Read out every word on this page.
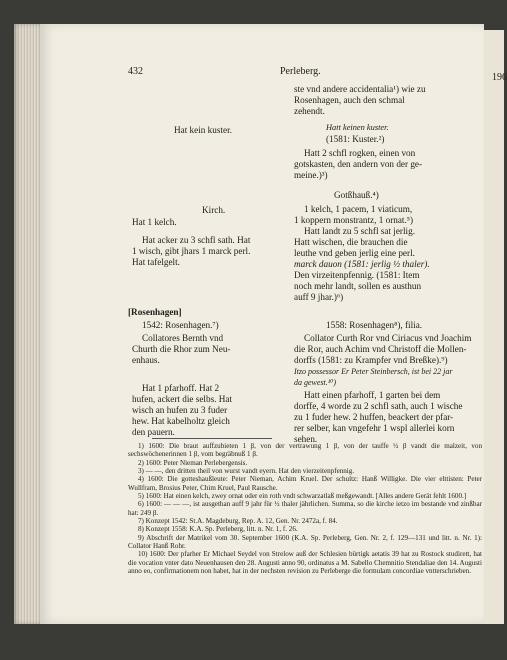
432	Perleberg.
Hat kein kuster.
Kirch.
Hat 1 kelch.
Hat acker zu 3 schfl sath. Hat
1 wisch, gibt jhars 1 marck perl.
Hat tafelgelt.
[Rosenhagen]
1542: Rosenhagen.⁷)
Collatores Bernth vnd
Churth die Rhor zum Neu-
enhaus.
Hat 1 pfarhoff. Hat 2
hufen, ackert die selbs. Hat
wisch an hufen zu 3 fuder
hew. Hat kabelholtz gleich
den pauern.
ste vnd andere accidentalia¹) wie zu
Rosenhagen, auch den schmal
zehendt.
Hatt keinen kuster.
(1581: Kuster.²)
Hatt 2 schfl rogken, einen von
gotskasten, den andern von der ge-
meine.)³)
Gotßhauß.⁴)
1 kelch, 1 pacem, 1 viaticum,
1 koppern monstrantz, 1 ornat.⁵)
Hatt landt zu 5 schfl sat jerlig.
Hatt wischen, die brauchen die
leuthe vnd geben jerlig eine perl.
marck dauon (1581: jerlig ½ thaler).
Den virzeitenpfennig. (1581: Item
noch mehr landt, sollen es austhun
auff 9 jhar.)⁶)
1558: Rosenhagen⁸), filia.
Collator Curth Ror vnd Ciriacus vnd Joachim
die Ror, auch Achim vnd Christoff die Mollen-
dorffs (1581: zu Krampfer vnd Breßke).⁹)
Itzo possessor Er Peter Steinbersch, ist bei 22 jar
da gewest.¹⁰)
Hatt einen pfarhoff, 1 garten bei dem
dorffe, 4 worde zu 2 schfl sath, auch 1 wische
zu 1 fuder hew. 2 huffen, beackert der pfar-
rer selber, kan vngefehr 1 wspl allerlei korn
sehen.

1) 1600: Die braut auffzubieten 1 β, von der vertrawung 1 β, von der tauffe ½ β vandt die malzeit, von sechswöchenerinnen 1 β, vom begräbnuß 1 β.

2) 1600: Peter Nieman Perlebergensis.

3) — —, den dritten theil von wurst vandt eyern. Hat den vierzeitenpfennig.

4) 1600: Die gotteshaußleute: Peter Nieman, Achim Kruel. Der schultz: Hanß Willigke. Die vier elttisten: Peter Wullfram, Brosius Peter, Chim Kruel, Paul Rausche.

5) 1600: Hat einen kelch, zwey ornat oder ein roth vndt schwarzatlaß meßgewandt. [Alles andere Gerät fehlt 1600.]

6) 1600: — — —, ist ausgethan auff 9 jahr für ½ thaler jährlichen. Summa, so die kirche ietzo im bestande vnd zinßbar hat: 249 β.

7) Konzept 1542: St.A. Magdeburg, Rep. A. 12, Gen. Nr. 2472a, f. 84.

8) Konzept 1558: K.A. Sp. Perleberg, litt. n. Nr. 1, f. 26.

9) Abschrift der Matrikel vom 30. September 1600 (K.A. Sp. Perleberg, Gen. Nr. 2, f. 129—131 und litt. n. Nr. 1): Collator Hanß Rohr.

10) 1600: Der pfarher Er Michael Seydel von Strelow auß der Schlesien bürtigk aetatis 39 hat zu Rostock studirett, hat die vocation vnter dato Neuenhausen den 28. Augusti anno 90, ordinatus a M. Sabello Chemnitio Stendaliae den 14. Augusti anno eo, confirmationem non habet, hat in der nechsten revision zu Perleberge die formulam concordiae vntterschrieben.

196
